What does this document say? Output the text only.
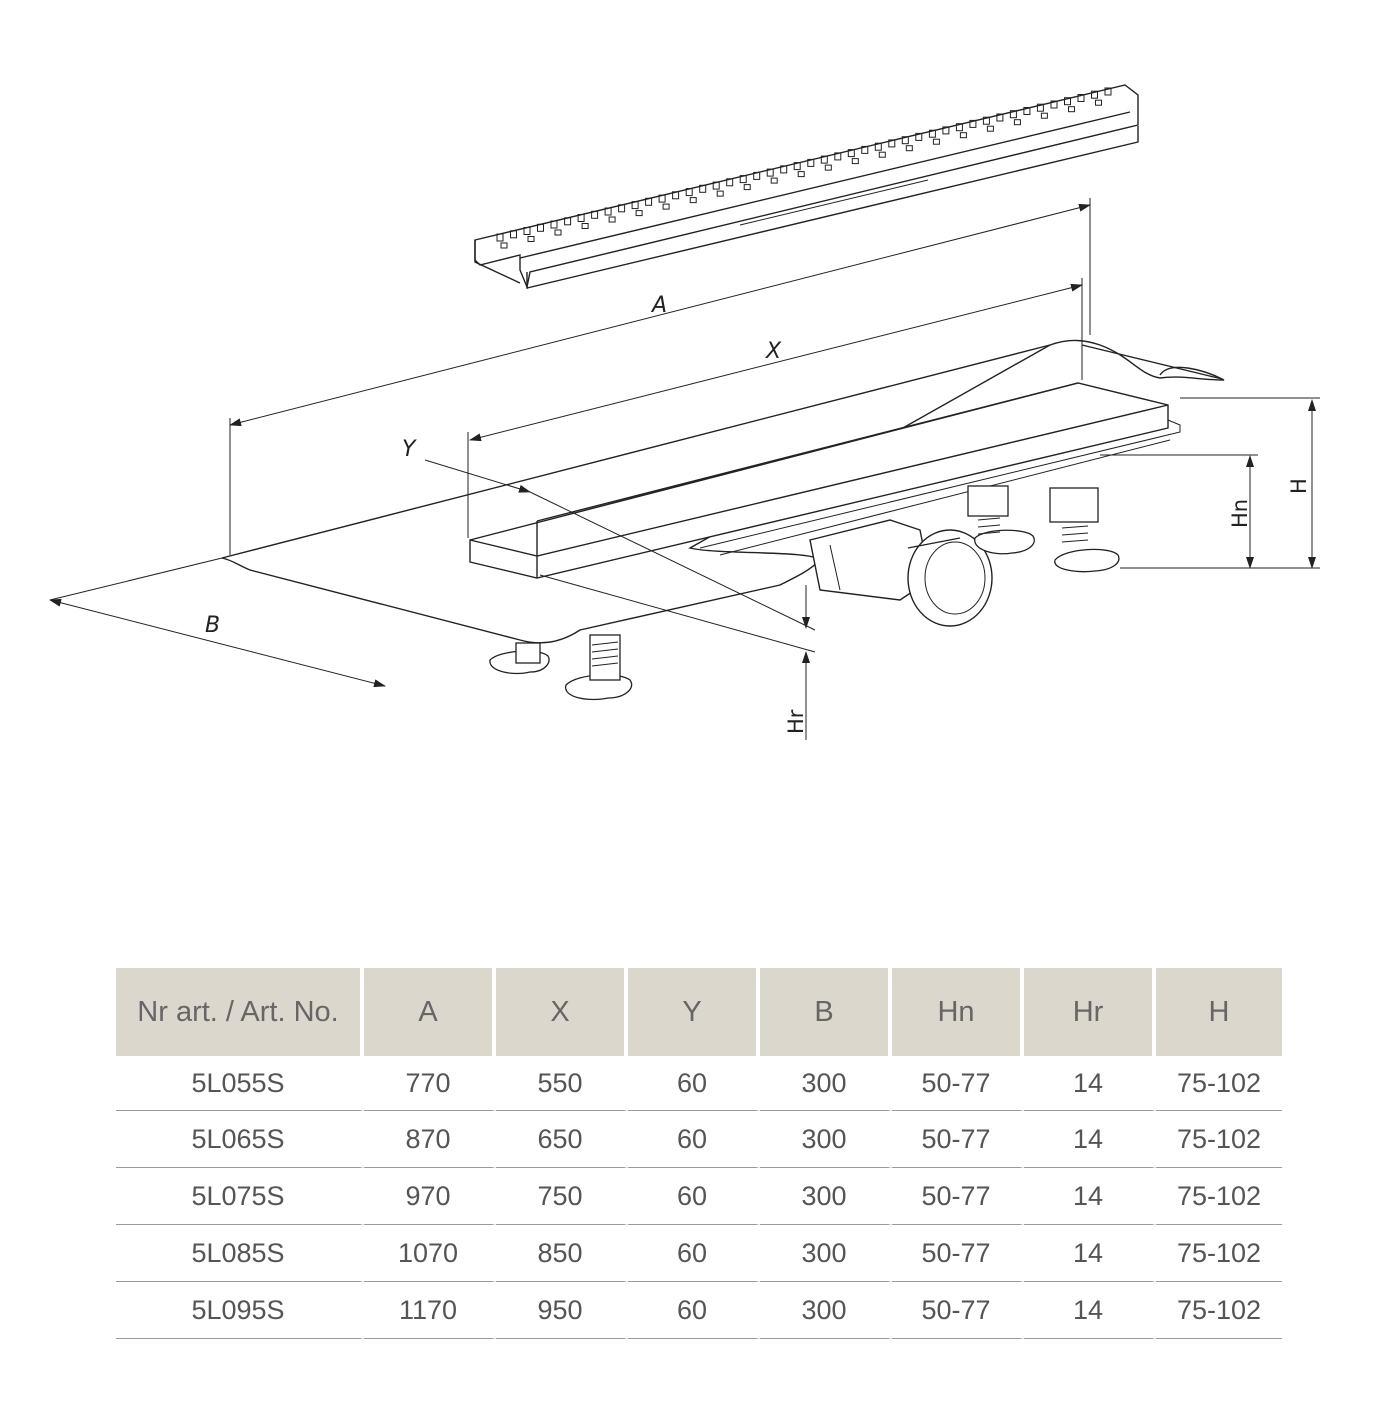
A
X
Y
B
Hn
H
Hr
Nr art. / Art. No.	A	X	Y	B	Hn	Hr	H
5L055S	770	550	60	300	50-77	14	75-102
5L065S	870	650	60	300	50-77	14	75-102
5L075S	970	750	60	300	50-77	14	75-102
5L085S	1070	850	60	300	50-77	14	75-102
5L095S	1170	950	60	300	50-77	14	75-102
